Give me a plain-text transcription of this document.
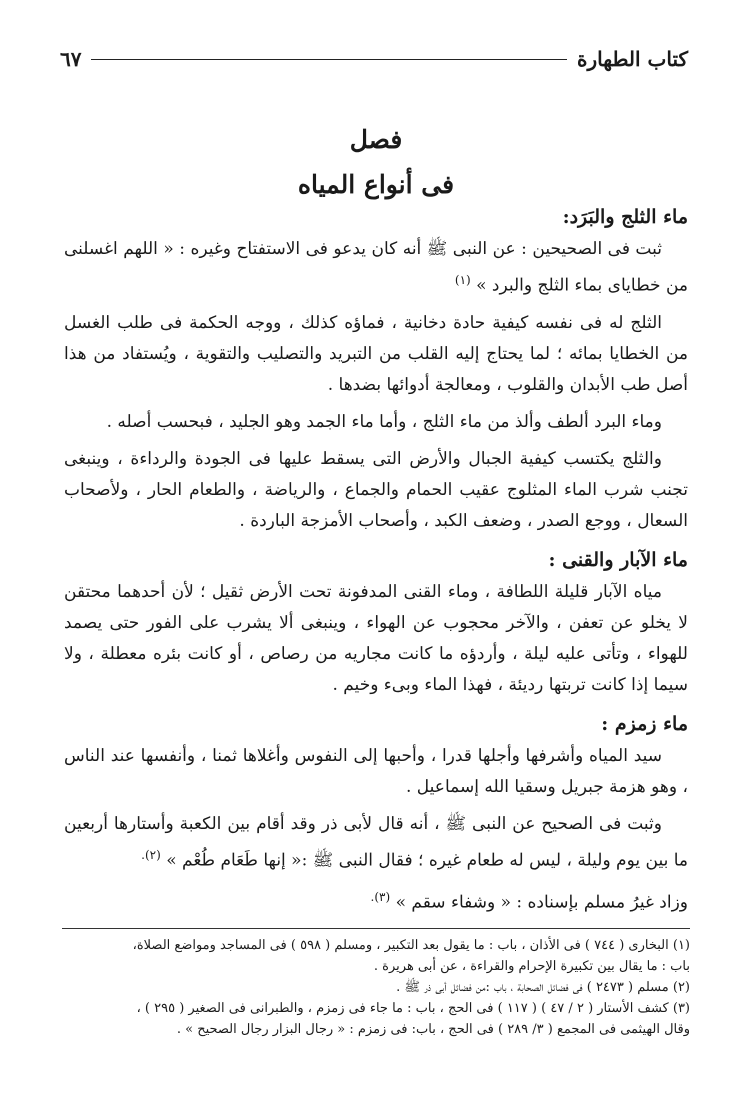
كتاب الطهارة
٦٧
فصل
فى أنواع المياه
ماء الثلج والبَرَد:

ثبت فى الصحيحين : عن النبى ﷺ أنه كان يدعو فى الاستفتاح وغيره : « اللهم اغسلنى من خطاياى بماء الثلج والبرد » $^{(١)}$

الثلج له فى نفسه كيفية حادة دخانية ، فماؤه كذلك ، ووجه الحكمة فى طلب الغسل من الخطايا بمائه ؛ لما يحتاج إليه القلب من التبريد والتصليب والتقوية ، ويُستفاد من هذا أصل طب الأبدان والقلوب ، ومعالجة أدوائها بضدها .

وماء البرد ألطف وألذ من ماء الثلج ، وأما ماء الجمد وهو الجليد ، فبحسب أصله .

والثلج يكتسب كيفية الجبال والأرض التى يسقط عليها فى الجودة والرداءة ، وينبغى تجنب شرب الماء المثلوج عقيب الحمام والجماع ، والرياضة ، والطعام الحار ، ولأصحاب السعال ، ووجع الصدر ، وضعف الكبد ، وأصحاب الأمزجة الباردة .

ماء الآبار والقنى :

مياه الآبار قليلة اللطافة ، وماء القنى المدفونة تحت الأرض ثقيل ؛ لأن أحدهما محتقن لا يخلو عن تعفن ، والآخر محجوب عن الهواء ، وينبغى ألا يشرب على الفور حتى يصمد للهواء ، وتأتى عليه ليلة ، وأردؤه ما كانت مجاريه من رصاص ، أو كانت بئره معطلة ، ولا سيما إذا كانت تربتها رديئة ، فهذا الماء وبىء وخيم .

ماء زمزم :

سيد المياه وأشرفها وأجلها قدرا ، وأحبها إلى النفوس وأغلاها ثمنا ، وأنفسها عند الناس ، وهو هزمة جبريل وسقيا الله إسماعيل .

وثبت فى الصحيح عن النبى ﷺ ، أنه قال لأبى ذر وقد أقام بين الكعبة وأستارها أربعين ما بين يوم وليلة ، ليس له طعام غيره ؛ فقال النبى ﷺ :« إنها طَعَام طُعْم » $^{(٢).}$

وزاد غيرُ مسلم بإسناده : « وشفاء سقم » $^{(٣).}$

(١) البخارى ( ٧٤٤ ) فى الأذان ، باب : ما يقول بعد التكبير ، ومسلم ( ٥٩٨ ) فى المساجد ومواضع الصلاة،

باب : ما يقال بين تكبيرة الإحرام والقراءة ، عن أبى هريرة .

(٢) مسلم ( ٢٤٧٣ ) فى فضائل الصحابة ، باب :من فضائل أبى ذر ﷺ .

(٣) كشف الأستار ( ٢ / ٤٧ ) ( ١١٧ ) فى الحج ، باب : ما جاء فى زمزم ، والطبرانى فى الصغير ( ٢٩٥ ) ،

وقال الهيثمى فى المجمع ( ٣/ ٢٨٩ ) فى الحج ، باب: فى زمزم : « رجال البزار رجال الصحيح » .
